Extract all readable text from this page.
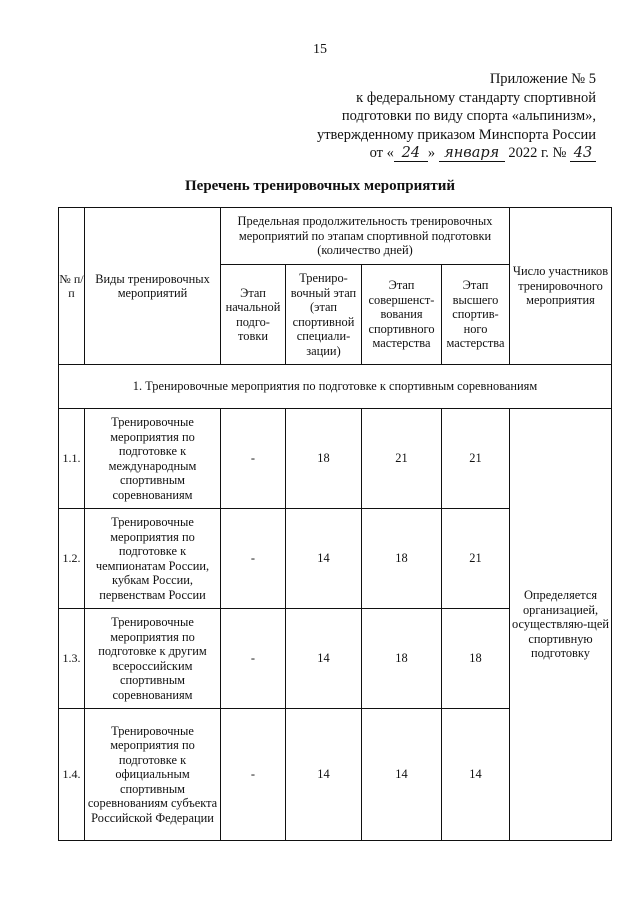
15
Приложение № 5
к федеральному стандарту спортивной
подготовки по виду спорта «альпинизм»,
утвержденному приказом Минспорта России
от « 24 » января 2022 г. № 43
Перечень тренировочных мероприятий
№ п/п	Виды тренировочных мероприятий	Предельная продолжительность тренировочных мероприятий по этапам спортивной подготовки (количество дней)				Число участников тренировочного мероприятия
		Этап начальной подго-товки	Трениро-вочный этап (этап спортивной специали-зации)	Этап совершенст-вования спортивного мастерства	Этап высшего спортив-ного мастерства	
1. Тренировочные мероприятия по подготовке к спортивным соревнованиям						
1.1.	Тренировочные мероприятия по подготовке к международным спортивным соревнованиям	-	18	21	21	Определяется организацией, осуществляю-щей спортивную подготовку
1.2.	Тренировочные мероприятия по подготовке к чемпионатам России, кубкам России, первенствам России	-	14	18	21	
1.3.	Тренировочные мероприятия по подготовке к другим всероссийским спортивным соревнованиям	-	14	18	18	
1.4.	Тренировочные мероприятия по подготовке к официальным спортивным соревнованиям субъекта Российской Федерации	-	14	14	14	
